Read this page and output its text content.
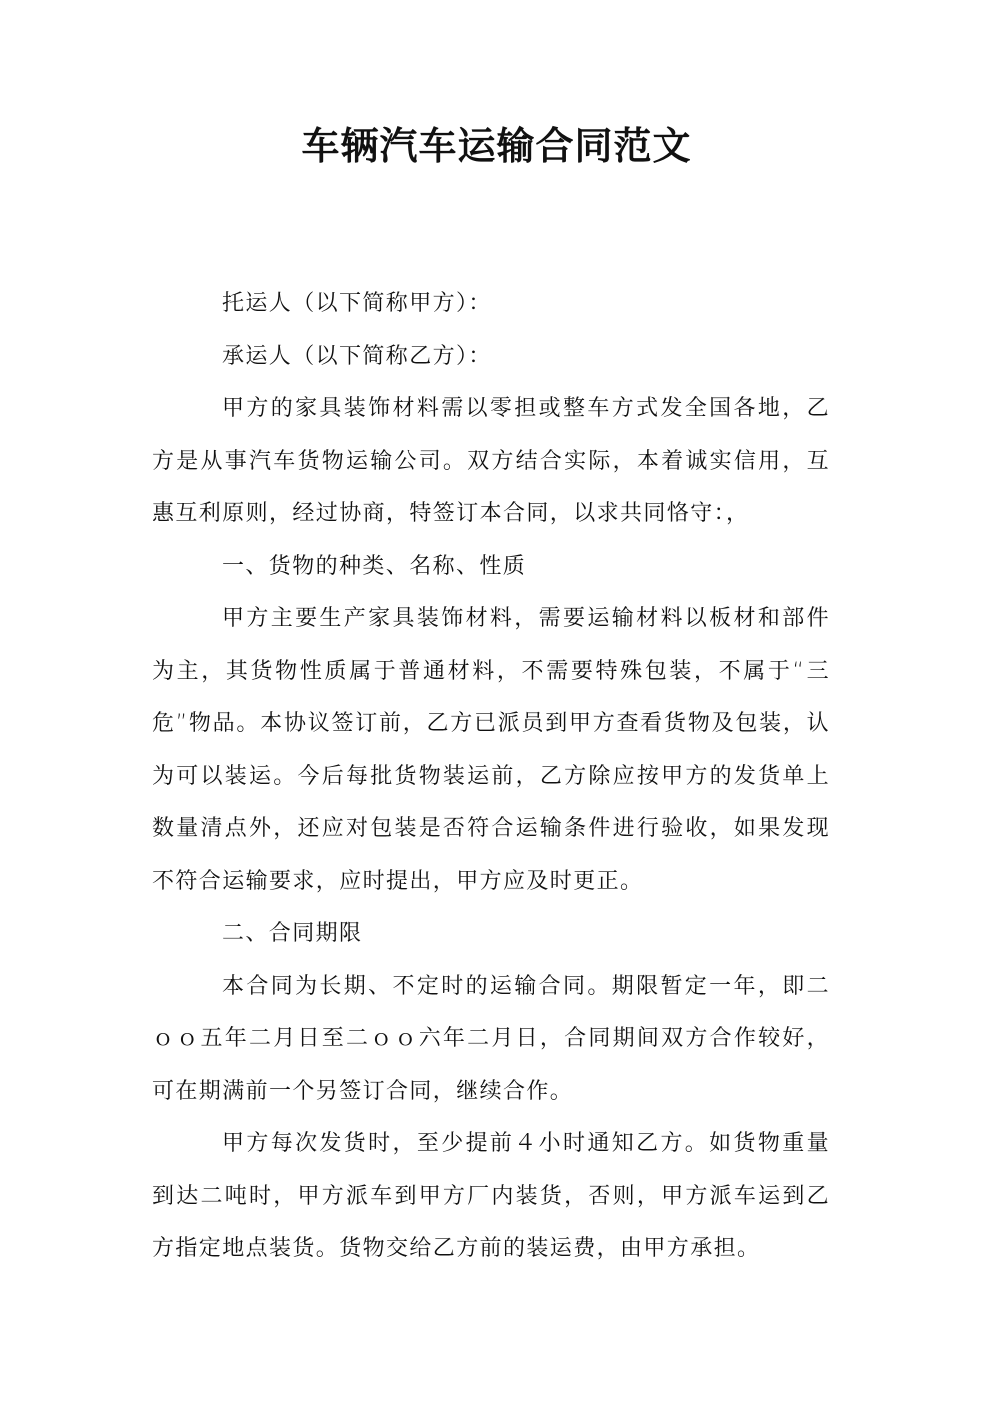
车辆汽车运输合同范文

托运人（以下简称甲方）：

承运人（以下简称乙方）：

甲方的家具装饰材料需以零担或整车方式发全国各地，乙方是从事汽车货物运输公司。双方结合实际，本着诚实信用，互惠互利原则，经过协商，特签订本合同，以求共同恪守：，

一、货物的种类、名称、性质

甲方主要生产家具装饰材料，需要运输材料以板材和部件为主，其货物性质属于普通材料，不需要特殊包装，不属于“三危”物品。本协议签订前，乙方已派员到甲方查看货物及包装，认为可以装运。今后每批货物装运前，乙方除应按甲方的发货单上数量清点外，还应对包装是否符合运输条件进行验收，如果发现不符合运输要求，应时提出，甲方应及时更正。

二、合同期限

本合同为长期、不定时的运输合同。期限暂定一年，即二ｏｏ五年二月日至二ｏｏ六年二月日，合同期间双方合作较好，可在期满前一个另签订合同，继续合作。

甲方每次发货时，至少提前４小时通知乙方。如货物重量到达二吨时，甲方派车到甲方厂内装货，否则，甲方派车运到乙方指定地点装货。货物交给乙方前的装运费，由甲方承担。
